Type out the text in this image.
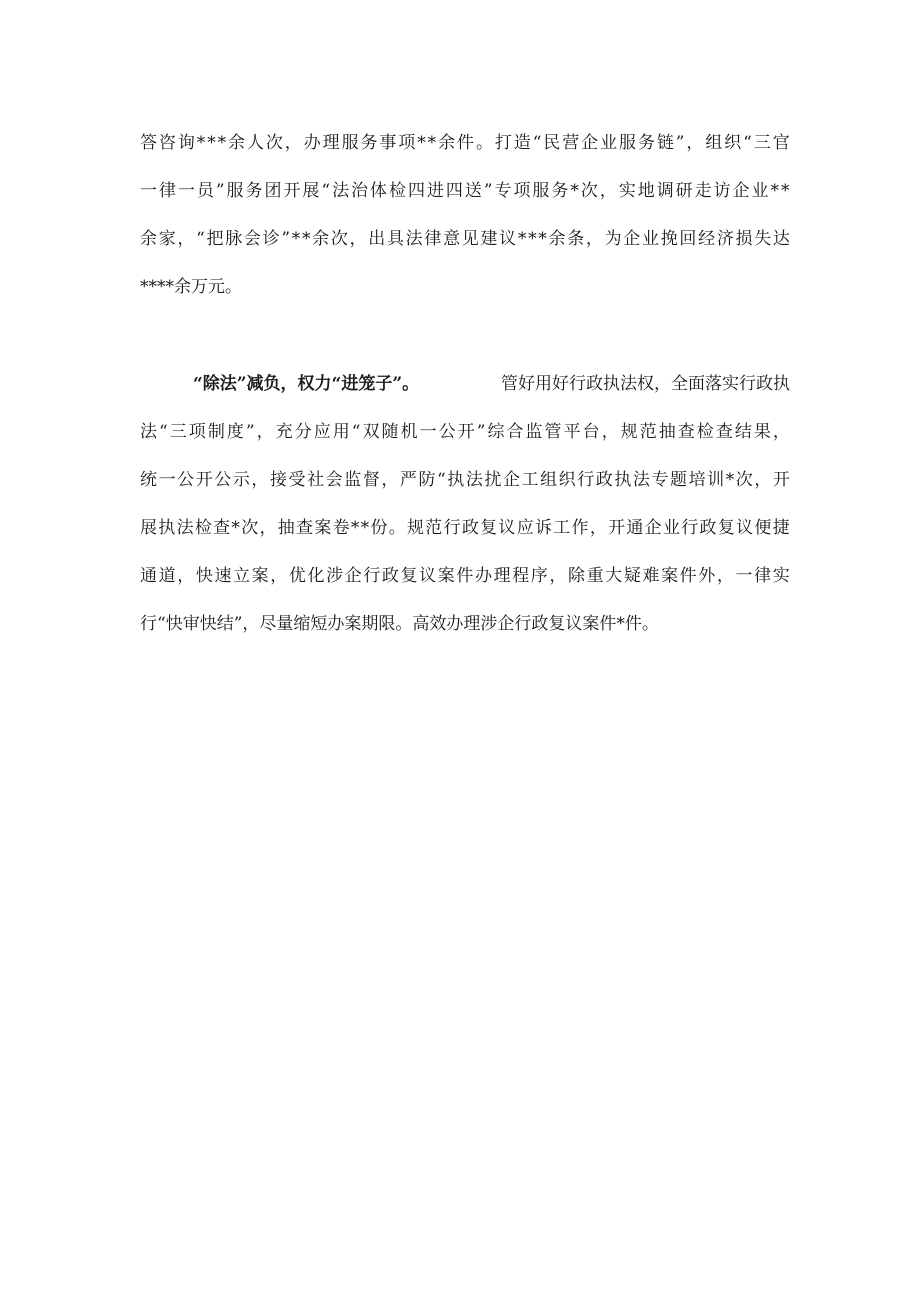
答 咨 询 * * * 余 人 次 ， 办 理 服 务 事 项 * * 余 件 。 打 造 “ 民 营 企 业 服 务 链 ” ， 组 织 “ 三 官
一 律 一 员 ” 服 务 团 开 展 “ 法 治 体 检 四 进 四 送 ” 专 项 服 务 * 次 ， 实 地 调 研 走 访 企 业 * *
余 家 ， “ 把 脉 会 诊 ” * * 余 次 ， 出 具 法 律 意 见 建 议 * * * 余 条 ， 为 企 业 挽 回 经 济 损 失 达
****余万元。
“除法”减负，权力“进笼子”。	管好用好行政执法权，全面落实行政执
法 “ 三 项 制 度 ” ， 充 分 应 用 “ 双 随 机 一 公 开 ” 综 合 监 管 平 台 ， 规 范 抽 查 检 查 结 果 ，
统 一 公 开 公 示 ， 接 受 社 会 监 督 ， 严 防 “ 执 法 扰 企 工 组 织 行 政 执 法 专 题 培 训 * 次 ， 开
展 执 法 检 查 * 次 ， 抽 查 案 卷 * * 份 。 规 范 行 政 复 议 应 诉 工 作 ， 开 通 企 业 行 政 复 议 便 捷
通 道 ， 快 速 立 案 ， 优 化 涉 企 行 政 复 议 案 件 办 理 程 序 ， 除 重 大 疑 难 案 件 外 ， 一 律 实
行“快审快结”，尽量缩短办案期限。高效办理涉企行政复议案件*件。
